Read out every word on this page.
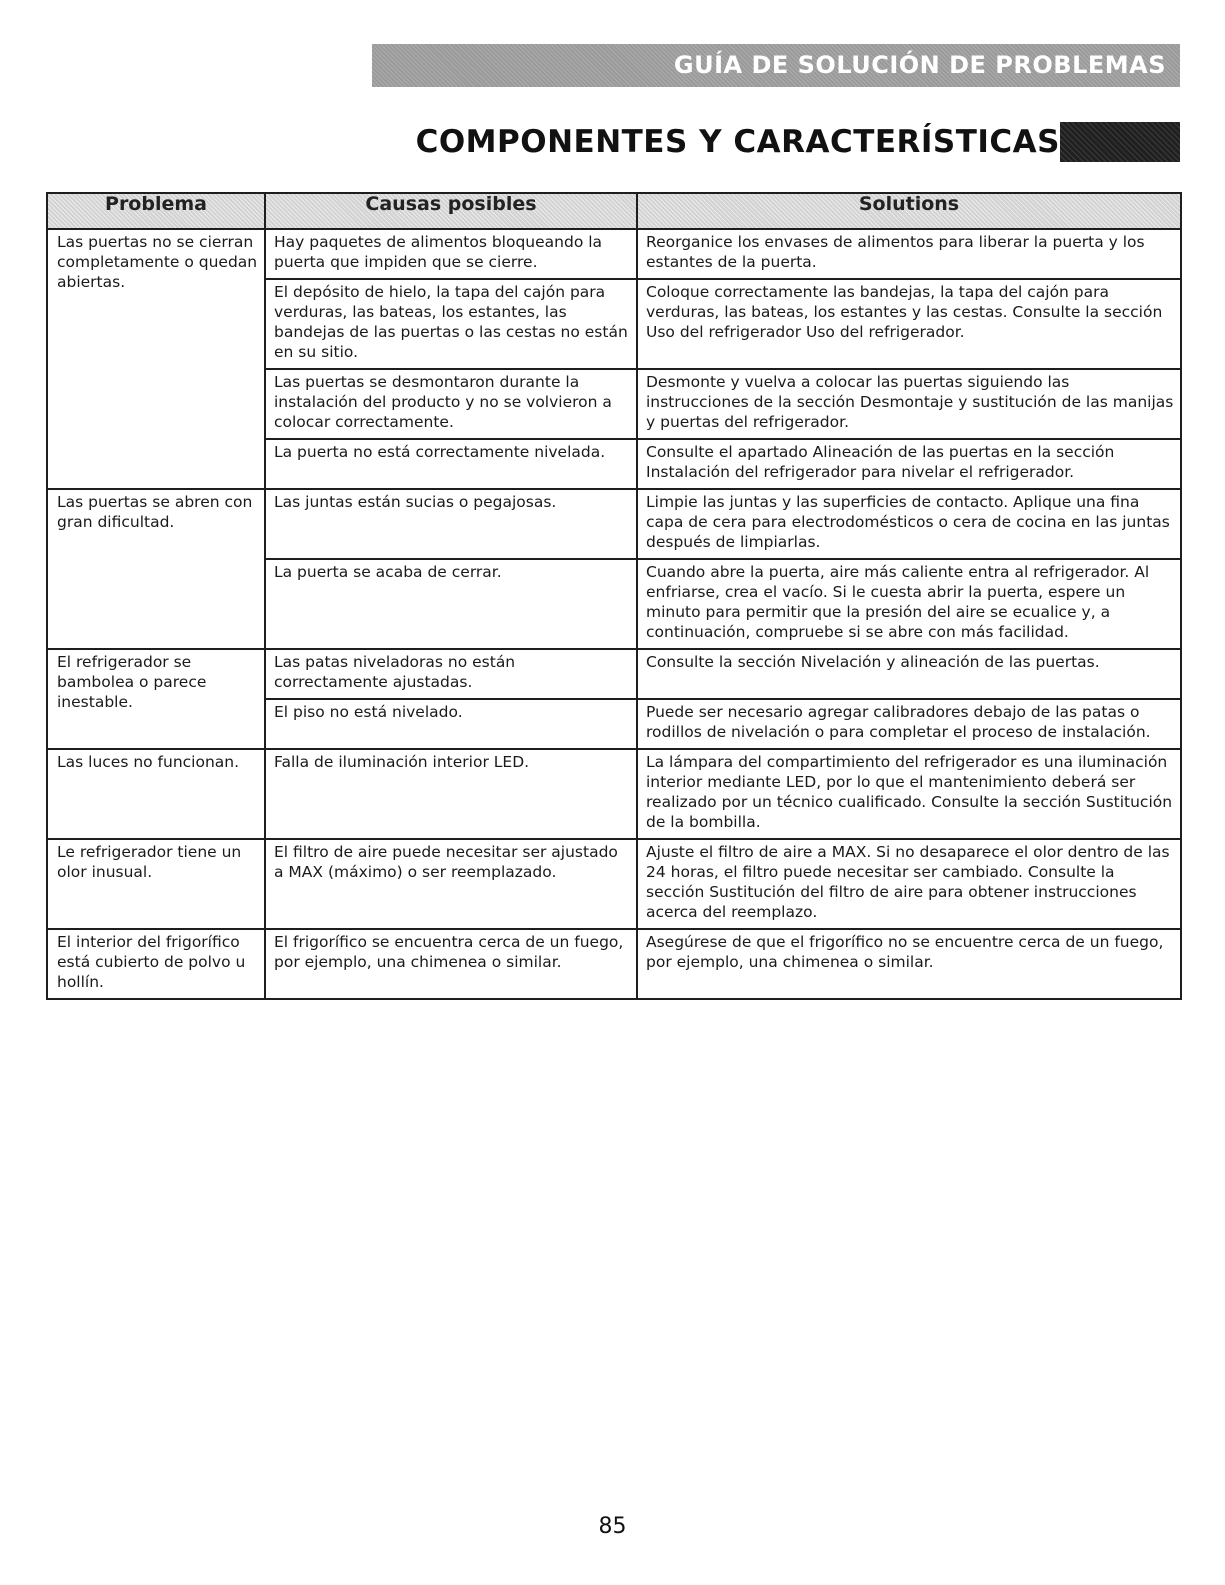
GUÍA DE SOLUCIÓN DE PROBLEMAS
COMPONENTES Y CARACTERÍSTICAS
Problema	Causas posibles	Solutions
Las puertas no se cierran completamente o quedan abiertas.	Hay paquetes de alimentos bloqueando la puerta que impiden que se cierre.	Reorganice los envases de alimentos para liberar la puerta y los estantes de la puerta.
	El depósito de hielo, la tapa del cajón para verduras, las bateas, los estantes, las bandejas de las puertas o las cestas no están en su sitio.	Coloque correctamente las bandejas, la tapa del cajón para verduras, las bateas, los estantes y las cestas. Consulte la sección Uso del refrigerador Uso del refrigerador.
	Las puertas se desmontaron durante la instalación del producto y no se volvieron a colocar correctamente.	Desmonte y vuelva a colocar las puertas siguiendo las instrucciones de la sección Desmontaje y sustitución de las manijas y puertas del refrigerador.
	La puerta no está correctamente nivelada.	Consulte el apartado Alineación de las puertas en la sección Instalación del refrigerador para nivelar el refrigerador.
Las puertas se abren con gran dificultad.	Las juntas están sucias o pegajosas.	Limpie las juntas y las superficies de contacto. Aplique una fina capa de cera para electrodomésticos o cera de cocina en las juntas después de limpiarlas.
	La puerta se acaba de cerrar.	Cuando abre la puerta, aire más caliente entra al refrigerador. Al enfriarse, crea el vacío. Si le cuesta abrir la puerta, espere un minuto para permitir que la presión del aire se ecualice y, a continuación, compruebe si se abre con más facilidad.
El refrigerador se bambolea o parece inestable.	Las patas niveladoras no están correctamente ajustadas.	Consulte la sección Nivelación y alineación de las puertas.
	El piso no está nivelado.	Puede ser necesario agregar calibradores debajo de las patas o rodillos de nivelación o para completar el proceso de instalación.
Las luces no funcionan.	Falla de iluminación interior LED.	La lámpara del compartimiento del refrigerador es una iluminación interior mediante LED, por lo que el mantenimiento deberá ser realizado por un técnico cualificado. Consulte la sección Sustitución de la bombilla.
Le refrigerador tiene un olor inusual.	El filtro de aire puede necesitar ser ajustado a MAX (máximo) o ser reemplazado.	Ajuste el filtro de aire a MAX. Si no desaparece el olor dentro de las 24 horas, el filtro puede necesitar ser cambiado. Consulte la sección Sustitución del filtro de aire para obtener instrucciones acerca del reemplazo.
El interior del frigorífico está cubierto de polvo u hollín.	El frigorífico se encuentra cerca de un fuego, por ejemplo, una chimenea o similar.	Asegúrese de que el frigorífico no se encuentre cerca de un fuego, por ejemplo, una chimenea o similar.
85
